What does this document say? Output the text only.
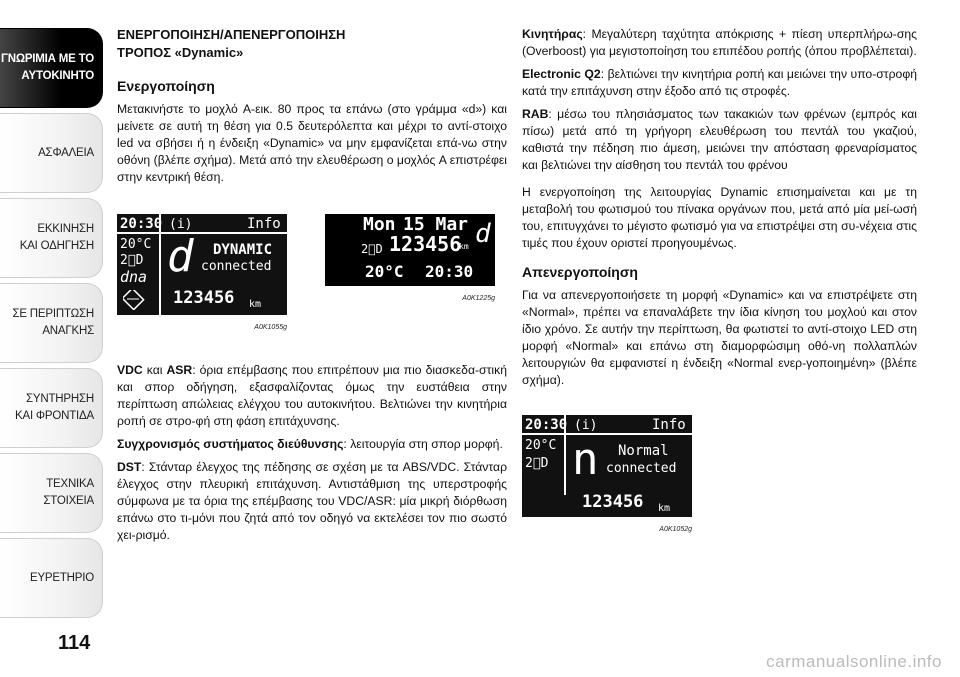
ΓΝΩΡΙΜΙΑ ΜΕ ΤΟ
ΑΥΤΟΚΙΝΗΤΟ
ΑΣΦΑΛΕΙΑ
ΕΚΚΙΝΗΣΗ
ΚΑΙ ΟΔΗΓΗΣΗ
ΣΕ ΠΕΡΙΠΤΩΣΗ
ΑΝΑΓΚΗΣ
ΣΥΝΤΗΡΗΣΗ
ΚΑΙ ΦΡΟΝΤΙΔΑ
ΤΕΧΝΙΚΑ
ΣΤΟΙΧΕΙΑ
ΕΥΡΕΤΗΡΙΟ
114
ΕΝΕΡΓΟΠΟΙΗΣΗ/ΑΠΕΝΕΡΓΟΠΟΙΗΣΗ
ΤΡΟΠΟΣ «Dynamic»
Ενεργοποίηση
Μετακινήστε το μοχλό A-εικ. 80 προς τα επάνω (στο γράμμα «d») και μείνετε σε αυτή τη θέση για 0.5 δευτερόλεπτα και μέχρι το αντί-στοιχο led να σβήσει ή η ένδειξη «Dynamic» να μην εμφανίζεται επά-νω στην οθόνη (βλέπε σχήμα). Μετά από την ελευθέρωση ο μοχλός A επιστρέφει στην κεντρική θέση.
20:30 (i)	Info
20°C
2⃞D
dna d DYNAMIC
connected
123456 km
A0K1055g
Mon 15 Mar
2⃞D 123456
km d
20°C 20:30
A0K1225g
VDC και ASR: όρια επέμβασης που επιτρέπουν μια πιο διασκεδα-στική και σπορ οδήγηση, εξασφαλίζοντας όμως την ευστάθεια στην περίπτωση απώλειας ελέγχου του αυτοκινήτου. Βελτιώνει την κινητήρια ροπή σε στρο-φή στη φάση επιτάχυνσης.
Συγχρονισμός συστήματος διεύθυνσης: λειτουργία στη σπορ μορφή.
DST: Στάνταρ έλεγχος της πέδησης σε σχέση με τα ABS/VDC. Στάνταρ έλεγχος στην πλευρική επιτάχυνση. Αντιστάθμιση της υπερστροφής σύμφωνα με τα όρια της επέμβασης του VDC/ASR: μία μικρή διόρθωση επάνω στο τι-μόνι που ζητά από τον οδηγό να εκτελέσει τον πιο σωστό χει-ρισμό.
Κινητήρας: Μεγαλύτερη ταχύτητα απόκρισης + πίεση υπερπλήρω-σης (Overboost) για μεγιστοποίηση του επιπέδου ροπής (όπου προβλέπεται).
Electronic Q2: βελτιώνει την κινητήρια ροπή και μειώνει την υπο-στροφή κατά την επιτάχυνση στην έξοδο από τις στροφές.
RAB: μέσω του πλησιάσματος των τακακιών των φρένων (εμπρός και πίσω) μετά από τη γρήγορη ελευθέρωση του πεντάλ του γκαζιού, καθιστά την πέδηση πιο άμεση, μειώνει την απόσταση φρεναρίσματος και βελτιώνει την αίσθηση του πεντάλ του φρένου
Η ενεργοποίηση της λειτουργίας Dynamic επισημαίνεται και με τη μεταβολή του φωτισμού του πίνακα οργάνων που, μετά από μία μεί-ωσή του, επιτυγχάνει το μέγιστο φωτισμό για να επιστρέψει στη συ-νέχεια στις τιμές που έχουν οριστεί προηγουμένως.
Απενεργοποίηση
Για να απενεργοποιήσετε τη μορφή «Dynamic» και να επιστρέψετε στη «Normal», πρέπει να επαναλάβετε την ίδια κίνηση του μοχλού και στον ίδιο χρόνο. Σε αυτήν την περίπτωση, θα φωτιστεί το αντί-στοιχο LED στη μορφή «Normal» και επάνω στη διαμορφώσιμη οθό-νη πολλαπλών λειτουργιών θα εμφανιστεί η ένδειξη «Normal ενερ-γοποιημένη» (βλέπε σχήμα).
20:30 (i)	Info
20°C
2⃞D n Normal
connected
123456 km
A0K1052g
carmanualsonline.info
